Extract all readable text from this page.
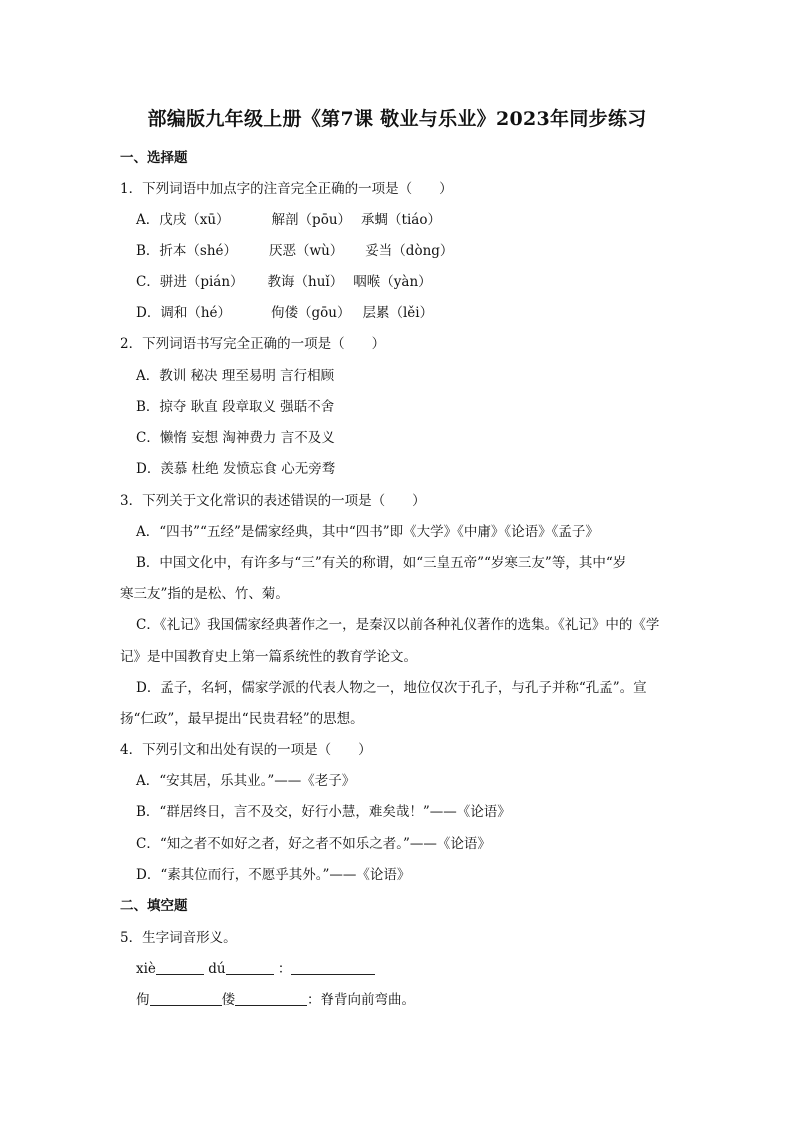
部编版九年级上册《第7课 敬业与乐业》2023年同步练习
一、选择题
1．下列词语中加点字的注音完全正确的一项是（　　）
A．戊戌（xū）	解剖（pōu） 承蜩（tiáo）
B．折本（shé） 厌恶（wù） 妥当（dòng）
C．骈进（pián） 教诲（huǐ） 咽喉（yàn）
D．调和（hé）	佝偻（gōu） 层累（lěi）
2．下列词语书写完全正确的一项是（　　）
A．教训 秘决 理至易明 言行相顾
B．掠夺 耿直 段章取义 强聒不舍
C．懒惰 妄想 淘神费力 言不及义
D．羡慕 杜绝 发愤忘食 心无旁骛
3．下列关于文化常识的表述错误的一项是（　　）
A．“四书”“五经”是儒家经典，其中“四书”即《大学》《中庸》《论语》《孟子》
B．中国文化中，有许多与“三”有关的称谓，如“三皇五帝”“岁寒三友”等，其中“岁
寒三友”指的是松、竹、菊。
C．《礼记》我国儒家经典著作之一，是秦汉以前各种礼仪著作的选集。《礼记》中的《学
记》是中国教育史上第一篇系统性的教育学论文。
D．孟子，名轲，儒家学派的代表人物之一，地位仅次于孔子，与孔子并称“孔孟”。宣
扬“仁政”，最早提出“民贵君轻”的思想。
4．下列引文和出处有误的一项是（　　）
A．“安其居，乐其业。”——《老子》
B．“群居终日，言不及交，好行小慧，难矣哉！”——《论语》
C．“知之者不如好之者，好之者不如乐之者。”——《论语》
D．“素其位而行，不愿乎其外。”——《论语》
二、填空题
5．生字词音形义。
xiè	dú	：
佝	偻	：脊背向前弯曲。
